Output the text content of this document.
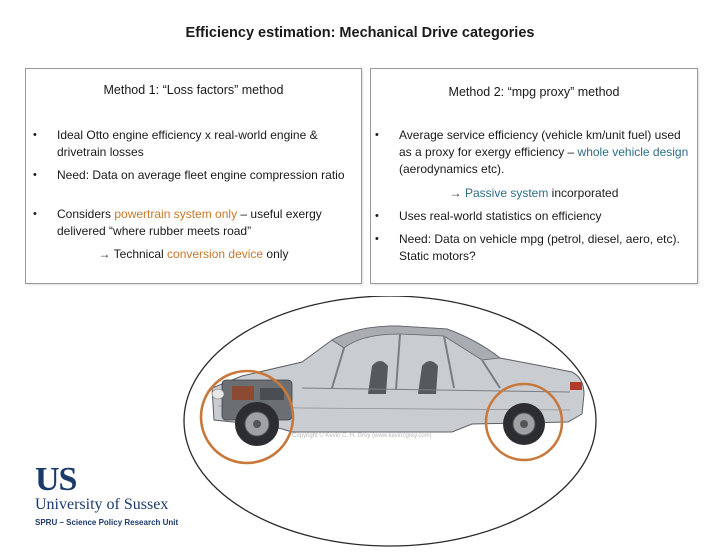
Efficiency estimation: Mechanical Drive categories
Method 1: “Loss factors” method
• Ideal Otto engine efficiency x real-world engine & drivetrain losses
• Need: Data on average fleet engine compression ratio
• Considers powertrain system only – useful exergy delivered “where rubber meets road”
→ Technical conversion device only
Method 2: “mpg proxy” method
• Average service efficiency (vehicle km/unit fuel) used as a proxy for exergy efficiency – whole vehicle design (aerodynamics etc).
→ Passive system incorporated
• Uses real-world statistics on efficiency
• Need: Data on vehicle mpg (petrol, diesel, aero, etc). Static motors?
Copyright © Kevin C. H. Grey (www.kevincgrey.com)
US
University of Sussex
SPRU – Science Policy Research Unit
